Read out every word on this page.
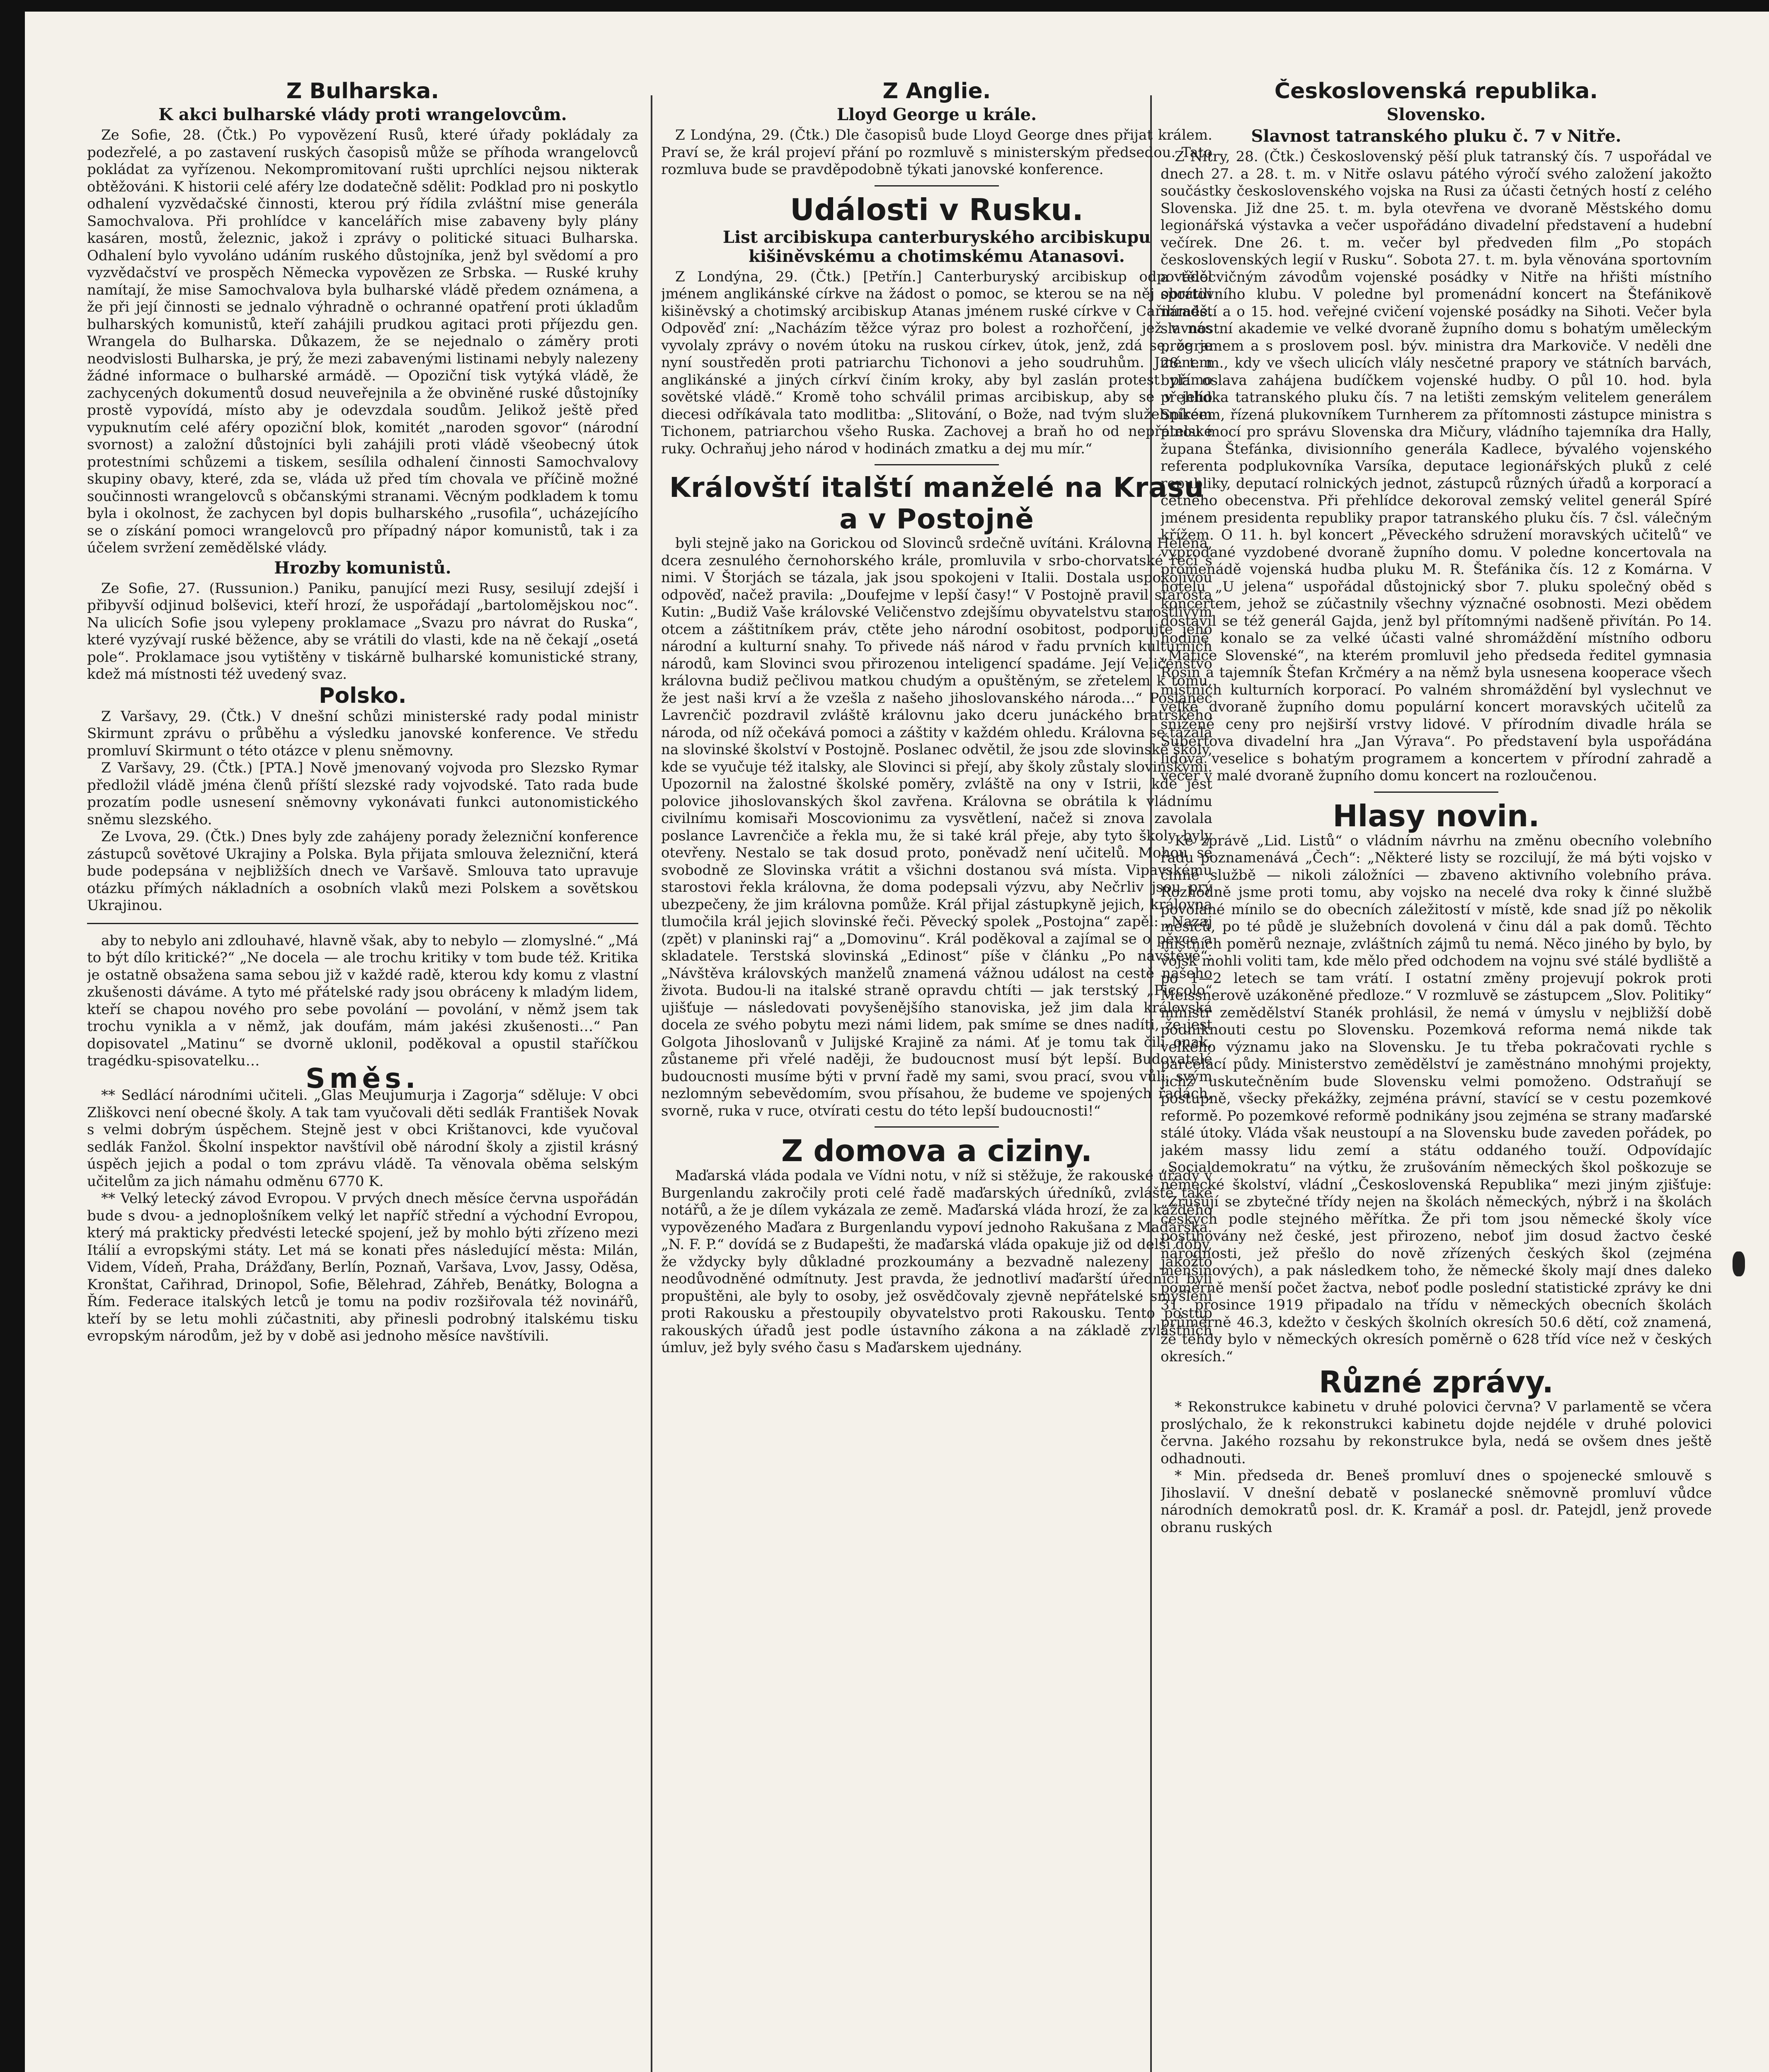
Z Bulharska.
K akci bulharské vlády proti wrangelovcům.

Ze Sofie, 28. (Čtk.) Po vypovězení Rusů, které úřady pokládaly za podezřelé, a po zastavení ruských časopisů může se příhoda wrangelovců pokládat za vyřízenou. Nekompromitovaní rušti uprchlíci nejsou nikterak obtěžováni. K historii celé aféry lze dodatečně sdělit: Podklad pro ni poskytlo odhalení vyzvědačské činnosti, kterou prý řídila zvláštní mise generála Samochvalova. Při prohlídce v kancelářích mise zabaveny byly plány kasáren, mostů, železnic, jakož i zprávy o politické situaci Bulharska. Odhalení bylo vyvoláno udáním ruského důstojníka, jenž byl svědomí a pro vyzvědačství ve prospěch Německa vypovězen ze Srbska. — Ruské kruhy namítají, že mise Samochvalova byla bulharské vládě předem oznámena, a že při její činnosti se jednalo výhradně o ochranné opatření proti úkladům bulharských komunistů, kteří zahájili prudkou agitaci proti příjezdu gen. Wrangela do Bulharska. Důkazem, že se nejednalo o záměry proti neodvislosti Bulharska, je prý, že mezi zabavenými listinami nebyly nalezeny žádné informace o bulharské armádě. — Opoziční tisk vytýká vládě, že zachycených dokumentů dosud neuveřejnila a že obviněné ruské důstojníky prostě vypovídá, místo aby je odevzdala soudům. Jelikož ještě před vypuknutím celé aféry opoziční blok, komitét „naroden sgovor“ (národní svornost) a založní důstojníci byli zahájili proti vládě všeobecný útok protestními schůzemi a tiskem, sesílila odhalení činnosti Samochvalovy skupiny obavy, které, zda se, vláda už před tím chovala ve příčině možné součinnosti wrangelovců s občanskými stranami. Věcným podkladem k tomu byla i okolnost, že zachycen byl dopis bulharského „rusofila“, ucházejícího se o získání pomoci wrangelovců pro případný nápor komunistů, tak i za účelem svržení zemědělské vlády.

Hrozby komunistů.

Ze Sofie, 27. (Russunion.) Paniku, panující mezi Rusy, sesilují zdejší i přibyvší odjinud bolševici, kteří hrozí, že uspořádají „bartolomějskou noc“. Na ulicích Sofie jsou vylepeny proklamace „Svazu pro návrat do Ruska“, které vyzývají ruské běžence, aby se vrátili do vlasti, kde na ně čekají „osetá pole“. Proklamace jsou vytištěny v tiskárně bulharské komunistické strany, kdež má místnosti též uvedený svaz.

Polsko.

Z Varšavy, 29. (Čtk.) V dnešní schůzi ministerské rady podal ministr Skirmunt zprávu o průběhu a výsledku janovské konference. Ve středu promluví Skirmunt o této otázce v plenu sněmovny.

Z Varšavy, 29. (Čtk.) [PTA.] Nově jmenovaný vojvoda pro Slezsko Rymar předložil vládě jména členů příští slezské rady vojvodské. Tato rada bude prozatím podle usnesení sněmovny vykonávati funkci autonomistického sněmu slezského.

Ze Lvova, 29. (Čtk.) Dnes byly zde zahájeny porady železniční konference zástupců sovětové Ukrajiny a Polska. Byla přijata smlouva železniční, která bude podepsána v nejbližších dnech ve Varšavě. Smlouva tato upravuje otázku přímých nákladních a osobních vlaků mezi Polskem a sovětskou Ukrajinou.

aby to nebylo ani zdlouhavé, hlavně však, aby to nebylo — zlomyslné.“ „Má to být dílo kritické?“ „Ne docela — ale trochu kritiky v tom bude též. Kritika je ostatně obsažena sama sebou již v každé radě, kterou kdy komu z vlastní zkušenosti dáváme. A tyto mé přátelské rady jsou obráceny k mladým lidem, kteří se chapou nového pro sebe povolání — povolání, v němž jsem tak trochu vynikla a v němž, jak doufám, mám jakési zkušenosti…“ Pan dopisovatel „Matinu“ se dvorně uklonil, poděkoval a opustil staříčkou tragédku-spisovatelku…

Směs.

** Sedlácí národními učiteli. „Glas Meujumurja i Zagorja“ sděluje: V obci Zliškovci není obecné školy. A tak tam vyučovali děti sedlák František Novak s velmi dobrým úspěchem. Stejně jest v obci Krištanovci, kde vyučoval sedlák Fanžol. Školní inspektor navštívil obě národní školy a zjistil krásný úspěch jejich a podal o tom zprávu vládě. Ta věnovala oběma selským učitelům za jich námahu odměnu 6770 K.

** Velký letecký závod Evropou. V prvých dnech měsíce června uspořádán bude s dvou- a jednoplošníkem velký let napříč střední a východní Evropou, který má prakticky předvésti letecké spojení, jež by mohlo býti zřízeno mezi Itálií a evropskými státy. Let má se konati přes následující města: Milán, Videm, Vídeň, Praha, Drážďany, Berlín, Poznaň, Varšava, Lvov, Jassy, Oděsa, Kronštat, Cařihrad, Drinopol, Sofie, Bělehrad, Záhřeb, Benátky, Bologna a Řím. Federace italských letců je tomu na podiv rozšiřovala též novinářů, kteří by se letu mohli zúčastniti, aby přinesli podrobný italskému tisku evropským národům, jež by v době asi jednoho měsíce navštívili.

Z Anglie.
Lloyd George u krále.

Z Londýna, 29. (Čtk.) Dle časopisů bude Lloyd George dnes přijat králem. Praví se, že král projeví přání po rozmluvě s ministerským předsedou. Tato rozmluva bude se pravděpodobně týkati janovské konference.

Události v Rusku.
List arcibiskupa canterburyského arcibiskupu kišiněvskému a chotimskému Atanasovi.

Z Londýna, 29. (Čtk.) [Petřín.] Canterburyský arcibiskup odpověděl jménem anglikánské církve na žádost o pomoc, se kterou se na něj obrátili kišiněvský a chotimský arcibiskup Atanas jménem ruské církve v Cařihradě. Odpověď zní: „Nacházím těžce výraz pro bolest a rozhořčení, jež v nás vyvolaly zprávy o novém útoku na ruskou církev, útok, jenž, zdá se, že je nyní soustředěn proti patriarchu Tichonovi a jeho soudruhům. Jménem anglikánské a jiných církví činím kroky, aby byl zaslán protest přímo sovětské vládě.“ Kromě toho schválil primas arcibiskup, aby se v jeho diecesi odříkávala tato modlitba: „Slitování, o Bože, nad tvým služebníkem Tichonem, patriarchou všeho Ruska. Zachovej a braň ho od nepřátelské ruky. Ochraňuj jeho národ v hodinách zmatku a dej mu mír.“

Královští italští manželé na Krasu a v Postojně

byli stejně jako na Gorickou od Slovinců srdečně uvítáni. Královna Helena, dcera zesnulého černohorského krále, promluvila v srbo-chorvatské řeči s nimi. V Štorjách se tázala, jak jsou spokojeni v Italii. Dostala uspokojivou odpověď, načež pravila: „Doufejme v lepší časy!“ V Postojně pravil starosta Kutin: „Budiž Vaše královské Veličenstvo zdejšímu obyvatelstvu starostlivým otcem a záštitníkem práv, ctěte jeho národní osobitost, podporujte jeho národní a kulturní snahy. To přivede náš národ v řadu prvních kulturních národů, kam Slovinci svou přirozenou inteligencí spadáme. Její Veličenstvo královna budiž pečlivou matkou chudým a opuštěným, se zřetelem k tomu, že jest naši krví a že vzešla z našeho jihoslovanského národa…“ Poslanec Lavrenčič pozdravil zvláště královnu jako dceru junáckého bratrského národa, od níž očekává pomoci a záštity v každém ohledu. Královna se tázala na slovinské školství v Postojně. Poslanec odvětil, že jsou zde slovinské školy, kde se vyučuje též italsky, ale Slovinci si přejí, aby školy zůstaly slovinskými. Upozornil na žalostné školské poměry, zvláště na ony v Istrii, kde jest polovice jihoslovanských škol zavřena. Královna se obrátila k vládnímu civilnímu komisaři Moscovionimu za vysvětlení, načež si znova zavolala poslance Lavrenčiče a řekla mu, že si také král přeje, aby tyto školy byly otevřeny. Nestalo se tak dosud proto, poněvadž není učitelů. Mohou se svobodně ze Slovinska vrátit a všichni dostanou svá místa. Vipavskému starostovi řekla královna, že doma podepsali výzvu, aby Nečrliv jsou prý ubezpečeny, že jim královna pomůže. Král přijal zástupkyně jejich, královna tlumočila král jejich slovinské řeči. Pěvecký spolek „Postojna“ zapěl: „Nazaj (zpět) v planinski raj“ a „Domovinu“. Král poděkoval a zajímal se o pěvce a skladatele. Terstská slovinská „Edinost“ píše v článku „Po návštěvě“: „Návštěva královských manželů znamená vážnou událost na cestě našeho života. Budou-li na italské straně opravdu chtíti — jak terstský „Piccolo“ ujišťuje — následovati povyšenějšího stanoviska, jež jim dala královská docela ze svého pobytu mezi námi lidem, pak smíme se dnes nadíti, že jest Golgota Jihoslovanů v Julijské Krajině za námi. Ať je tomu tak čili onak, zůstaneme při vřelé naději, že budoucnost musí být lepší. Budovatelé budoucnosti musíme býti v první řadě my sami, svou prací, svou vůlí, svým nezlomným sebevědomím, svou přísahou, že budeme ve spojených řadách, svorně, ruka v ruce, otvírati cestu do této lepší budoucnosti!“

Z domova a ciziny.

Maďarská vláda podala ve Vídni notu, v níž si stěžuje, že rakouské úřady v Burgenlandu zakročily proti celé řadě maďarských úředníků, zvláště také notářů, a že je dílem vykázala ze země. Maďarská vláda hrozí, že za každého vypovězeného Maďara z Burgenlandu vypoví jednoho Rakušana z Maďarska. „N. F. P.“ dovídá se z Budapešti, že maďarská vláda opakuje již od delší doby, že vždycky byly důkladné prozkoumány a bezvadně nalezeny jakožto neodůvodněné odmítnuty. Jest pravda, že jednotliví maďarští úředníci byli propuštěni, ale byly to osoby, jež osvědčovaly zjevně nepřátelské smýšlení proti Rakousku a přestoupily obyvatelstvo proti Rakousku. Tento postup rakouských úřadů jest podle ústavního zákona a na základě zvláštních úmluv, jež byly svého času s Maďarskem ujednány.

Československá republika.
Slovensko.
Slavnost tatranského pluku č. 7 v Nitře.

Z Nitry, 28. (Čtk.) Československý pěší pluk tatranský čís. 7 uspořádal ve dnech 27. a 28. t. m. v Nitře oslavu pátého výročí svého založení jakožto součástky československého vojska na Rusi za účasti četných hostí z celého Slovenska. Již dne 25. t. m. byla otevřena ve dvoraně Městského domu legionářská výstavka a večer uspořádáno divadelní představení a hudební večírek. Dne 26. t. m. večer byl předveden film „Po stopách československých legií v Rusku“. Sobota 27. t. m. byla věnována sportovním a tělocvičným závodům vojenské posádky v Nitře na hřišti místního sportovního klubu. V poledne byl promenádní koncert na Štefánikově náměstí a o 15. hod. veřejné cvičení vojenské posádky na Sihoti. Večer byla slavnostní akademie ve velké dvoraně župního domu s bohatým uměleckým programem a s proslovem posl. býv. ministra dra Markoviče. V neděli dne 28. t. m., kdy ve všech ulicích vlály nesčetné prapory ve státních barvách, byla oslava zahájena budíčkem vojenské hudby. O půl 10. hod. byla přehlídka tatranského pluku čís. 7 na letišti zemským velitelem generálem Spíréem, řízená plukovníkem Turnherem za přítomnosti zástupce ministra s plnou mocí pro správu Slovenska dra Mičury, vládního tajemníka dra Hally, župana Štefánka, divisionního generála Kadlece, bývalého vojenského referenta podplukovníka Varsíka, deputace legionářských pluků z celé republiky, deputací rolnických jednot, zástupců různých úřadů a korporací a četného obecenstva. Při přehlídce dekoroval zemský velitel generál Spíré jménem presidenta republiky prapor tatranského pluku čís. 7 čsl. válečným křížem. O 11. h. byl koncert „Pěveckého sdružení moravských učitelů“ ve vyprodané vyzdobené dvoraně župního domu. V poledne koncertovala na promenádě vojenská hudba pluku M. R. Štefánika čís. 12 z Komárna. V hotelu „U jelena“ uspořádal důstojnický sbor 7. pluku společný oběd s koncertem, jehož se zúčastnily všechny význačné osobnosti. Mezi obědem dostavil se též generál Gajda, jenž byl přítomnými nadšeně přivítán. Po 14. hodině konalo se za velké účasti valné shromáždění místního odboru „Matice Slovenské“, na kterém promluvil jeho předseda ředitel gymnasia Rosin a tajemník Štefan Krčméry a na němž byla usnesena kooperace všech místních kulturních korporací. Po valném shromáždění byl vyslechnut ve velké dvoraně župního domu populární koncert moravských učitelů za snížené ceny pro nejširší vrstvy lidové. V přírodním divadle hrála se Šubertova divadelní hra „Jan Výrava“. Po představení byla uspořádána lidová veselice s bohatým programem a koncertem v přírodní zahradě a večer v malé dvoraně župního domu koncert na rozloučenou.

Hlasy novin.

Ke zprávě „Lid. Listů“ o vládním návrhu na změnu obecního volebního řádu poznamenává „Čech“: „Některé listy se rozcilují, že má býti vojsko v činné službě — nikoli záložníci — zbaveno aktivního volebního práva. Rozhodně jsme proti tomu, aby vojsko na necelé dva roky k činné službě povolané mínilo se do obecních záležitostí v místě, kde snad jíž po několik měsíců, po té půdě je služebních dovolená v činu dál a pak domů. Těchto místních poměrů neznaje, zvláštních zájmů tu nemá. Něco jiného by bylo, by vojsk mohli voliti tam, kde mělo před odchodem na vojnu své stálé bydliště a po 1—2 letech se tam vrátí. I ostatní změny projevují pokrok proti Meissnerově uzákoněné předloze.“ V rozmluvě se zástupcem „Slov. Politiky“ ministr zemědělství Stanék prohlásil, že nemá v úmyslu v nejbližší době podniknouti cestu po Slovensku. Pozemková reforma nemá nikde tak velkého významu jako na Slovensku. Je tu třeba pokračovati rychle s parcelací půdy. Ministerstvo zemědělství je zaměstnáno mnohými projekty, jichž uskutečněním bude Slovensku velmi pomoženo. Odstraňují se postupně, všecky překážky, zejména právní, stavící se v cestu pozemkové reformě. Po pozemkové reformě podnikány jsou zejména se strany maďarské stálé útoky. Vláda však neustoupí a na Slovensku bude zaveden pořádek, po jakém massy lidu zemí a státu oddaného touží. Odpovídajíc „Socialdemokratu“ na výtku, že zrušováním německých škol poškozuje se německé školství, vládní „Československá Republika“ mezi jiným zjišťuje: „Zrušují se zbytečné třídy nejen na školách německých, nýbrž i na školách českých podle stejného měřítka. Že při tom jsou německé školy více postihovány než české, jest přirozeno, neboť jim dosud žactvo české národnosti, jež přešlo do nově zřízených českých škol (zejména menšinových), a pak následkem toho, že německé školy mají dnes daleko poměrně menší počet žactva, neboť podle poslední statistické zprávy ke dni 31. prosince 1919 připadalo na třídu v německých obecních školách průměrně 46.3, kdežto v českých školních okresích 50.6 dětí, což znamená, že tehdy bylo v německých okresích poměrně o 628 tříd více než v českých okresích.“

Různé zprávy.

* Rekonstrukce kabinetu v druhé polovici června? V parlamentě se včera proslýchalo, že k rekonstrukci kabinetu dojde nejdéle v druhé polovici června. Jakého rozsahu by rekonstrukce byla, nedá se ovšem dnes ještě odhadnouti.

* Min. předseda dr. Beneš promluví dnes o spojenecké smlouvě s Jihoslavií. V dnešní debatě v poslanecké sněmovně promluví vůdce národních demokratů posl. dr. K. Kramář a posl. dr. Patejdl, jenž provede obranu ruských
